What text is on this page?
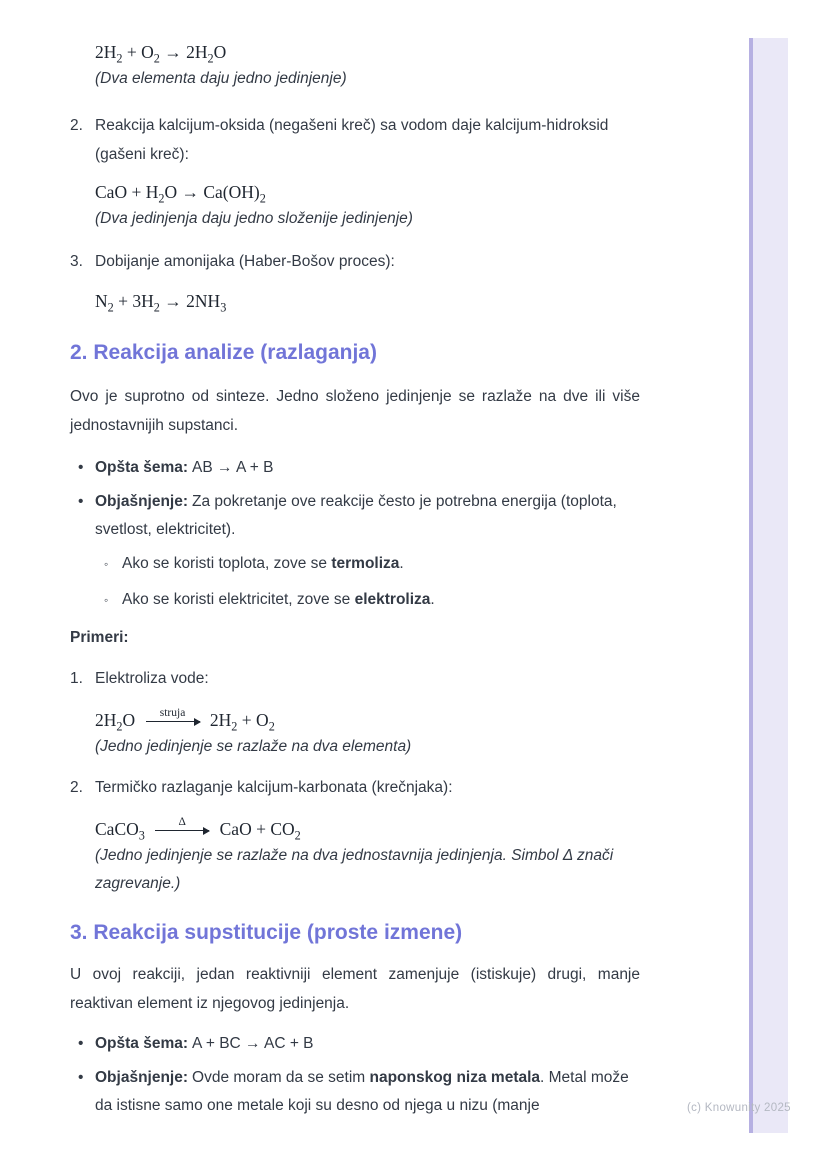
$2H_2 + O_2 \to 2H_2O$
(Dva elementa daju jedno jedinjenje)
2. Reakcija kalcijum-oksida (negašeni kreč) sa vodom daje kalcijum-hidroksid (gašeni kreč):
CaO + $H_2O \to Ca(OH)_2$
(Dva jedinjenja daju jedno složenije jedinjenje)
3. Dobijanje amonijaka (Haber-Bošov proces):
$N_2 + 3H_2 \to 2NH_3$
2. Reakcija analize (razlaganja)

Ovo je suprotno od sinteze. Jedno složeno jedinjenje se razlaže na dve ili više jednostavnijih supstanci.

• Opšta šema: AB → A + B
• Objašnjenje: Za pokretanje ove reakcije često je potrebna energija (toplota, svetlost, elektricitet).
◦ Ako se koristi toplota, zove se termoliza.
◦ Ako se koristi elektricitet, zove se elektroliza.

Primeri:

1. Elektroliza vode:
$2H_2O$ struja $2H_2 + O_2$
(Jedno jedinjenje se razlaže na dva elementa)
2. Termičko razlaganje kalcijum-karbonata (krečnjaka):
CaCO$_3$
Δ CaO + $CO_2$
(Jedno jedinjenje se razlaže na dva jednostavnija jedinjenja. Simbol Δ znači zagrevanje.)
3. Reakcija supstitucije (proste izmene)

U ovoj reakciji, jedan reaktivniji element zamenjuje (istiskuje) drugi, manje reaktivan element iz njegovog jedinjenja.

• Opšta šema: A + BC → AC + B
• Objašnjenje: Ovde moram da se setim naponskog niza metala. Metal može da istisne samo one metale koji su desno od njega u nizu (manje	(c) Knowunity 2025
